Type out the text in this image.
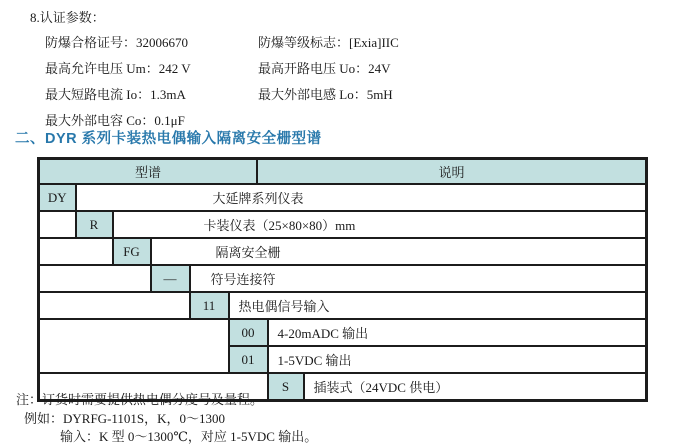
8.认证参数：
防爆合格证号：32006670	防爆等级标志：[Exia]IIC
最高允许电压 Um：242 V	最高开路电压 Uo：24V
最大短路电流 Io：1.3mA	最大外部电感 Lo：5mH
最大外部电容 Co：0.1μF
二、DYR 系列卡装热电偶输入隔离安全栅型谱
型谱 说明							

DY	大延牌系列仪表						
	R	卡装仪表（25×80×80）mm					
		FG	隔离安全栅				
			—	符号连接符			
				11	热电偶信号输入		
					00	4-20mADC 输出	
					01	1-5VDC 输出	
						S	插装式（24VDC 供电）
注：订货时需要提供热电偶分度号及量程。
例如：DYRFG-1101S，K，0～1300
输入：K 型 0～1300℃，对应 1-5VDC 输出。
